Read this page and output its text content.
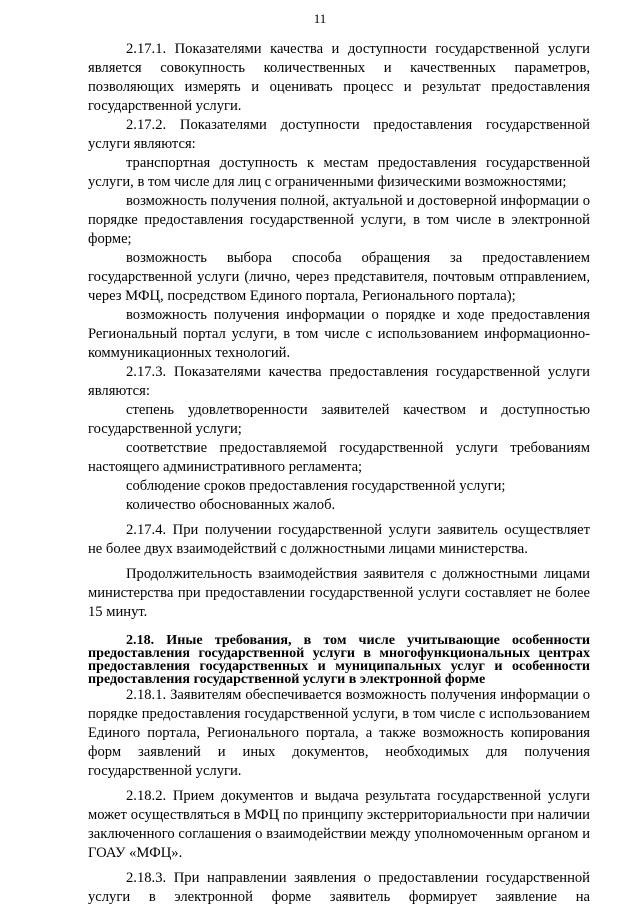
11

2.17.1. Показателями качества и доступности государственной услуги является совокупность количественных и качественных параметров, позволяющих измерять и оценивать процесс и результат предоставления государственной услуги.

2.17.2. Показателями доступности предоставления государственной услуги являются:

транспортная доступность к местам предоставления государственной услуги, в том числе для лиц с ограниченными физическими возможностями;

возможность получения полной, актуальной и достоверной информации о порядке предоставления государственной услуги, в том числе в электронной форме;

возможность выбора способа обращения за предоставлением государственной услуги (лично, через представителя, почтовым отправлением, через МФЦ, посредством Единого портала, Регионального портала);

возможность получения информации о порядке и ходе предоставления Региональный портал услуги, в том числе с использованием информационно-коммуникационных технологий.

2.17.3. Показателями качества предоставления государственной услуги являются:

степень удовлетворенности заявителей качеством и доступностью государственной услуги;

соответствие предоставляемой государственной услуги требованиям настоящего административного регламента;

соблюдение сроков предоставления государственной услуги;

количество обоснованных жалоб.

2.17.4. При получении государственной услуги заявитель осуществляет не более двух взаимодействий с должностными лицами министерства.

Продолжительность взаимодействия заявителя с должностными лицами министерства при предоставлении государственной услуги составляет не более 15 минут.

2.18. Иные требования, в том числе учитывающие особенности предоставления государственной услуги в многофункциональных центрах предоставления государственных и муниципальных услуг и особенности предоставления государственной услуги в электронной форме

2.18.1. Заявителям обеспечивается возможность получения информации о порядке предоставления государственной услуги, в том числе с использованием Единого портала, Регионального портала, а также возможность копирования форм заявлений и иных документов, необходимых для получения государственной услуги.

2.18.2. Прием документов и выдача результата государственной услуги может осуществляться в МФЦ по принципу экстерриториальности при наличии заключенного соглашения о взаимодействии между уполномоченным органом и ГОАУ «МФЦ».

2.18.3. При направлении заявления о предоставлении государственной услуги в электронной форме заявитель формирует заявление на
